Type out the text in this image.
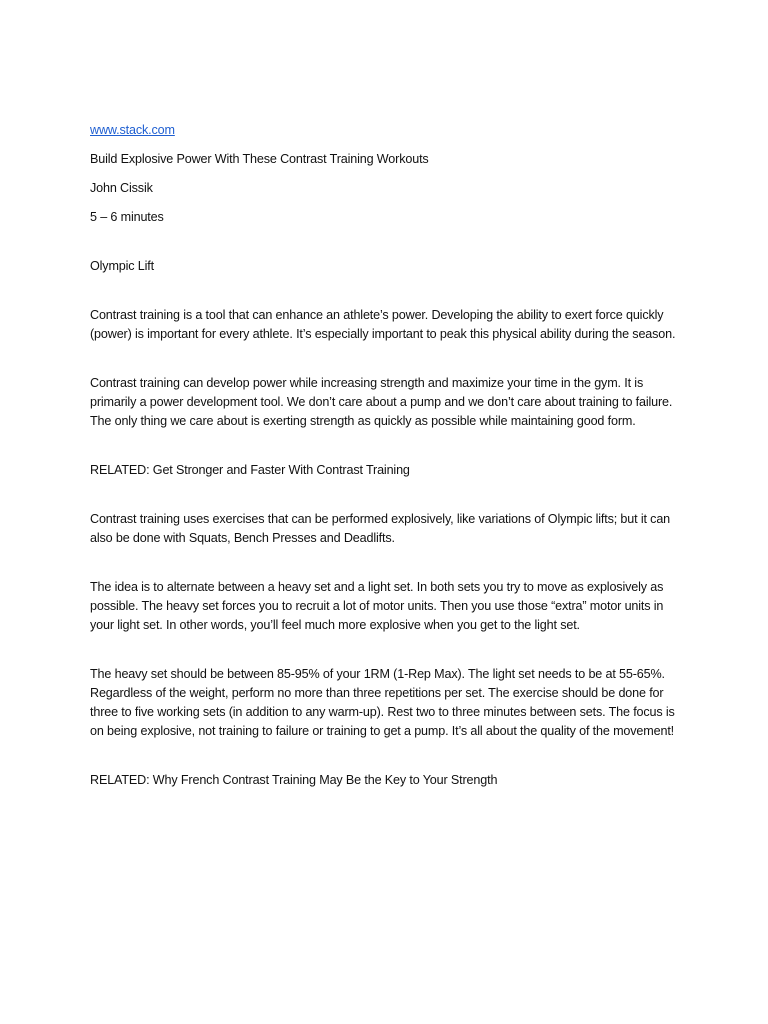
www.stack.com
Build Explosive Power With These Contrast Training Workouts
John Cissik
5 – 6 minutes
Olympic Lift

Contrast training is a tool that can enhance an athlete’s power. Developing the ability to exert force quickly (power) is important for every athlete. It’s especially important to peak this physical ability during the season.

Contrast training can develop power while increasing strength and maximize your time in the gym. It is primarily a power development tool. We don’t care about a pump and we don’t care about training to failure. The only thing we care about is exerting strength as quickly as possible while maintaining good form.

RELATED: Get Stronger and Faster With Contrast Training

Contrast training uses exercises that can be performed explosively, like variations of Olympic lifts; but it can also be done with Squats, Bench Presses and Deadlifts.

The idea is to alternate between a heavy set and a light set. In both sets you try to move as explosively as possible. The heavy set forces you to recruit a lot of motor units. Then you use those “extra” motor units in your light set. In other words, you’ll feel much more explosive when you get to the light set.

The heavy set should be between 85-95% of your 1RM (1-Rep Max). The light set needs to be at 55-65%. Regardless of the weight, perform no more than three repetitions per set. The exercise should be done for three to five working sets (in addition to any warm-up). Rest two to three minutes between sets. The focus is on being explosive, not training to failure or training to get a pump. It’s all about the quality of the movement!

RELATED: Why French Contrast Training May Be the Key to Your Strength
